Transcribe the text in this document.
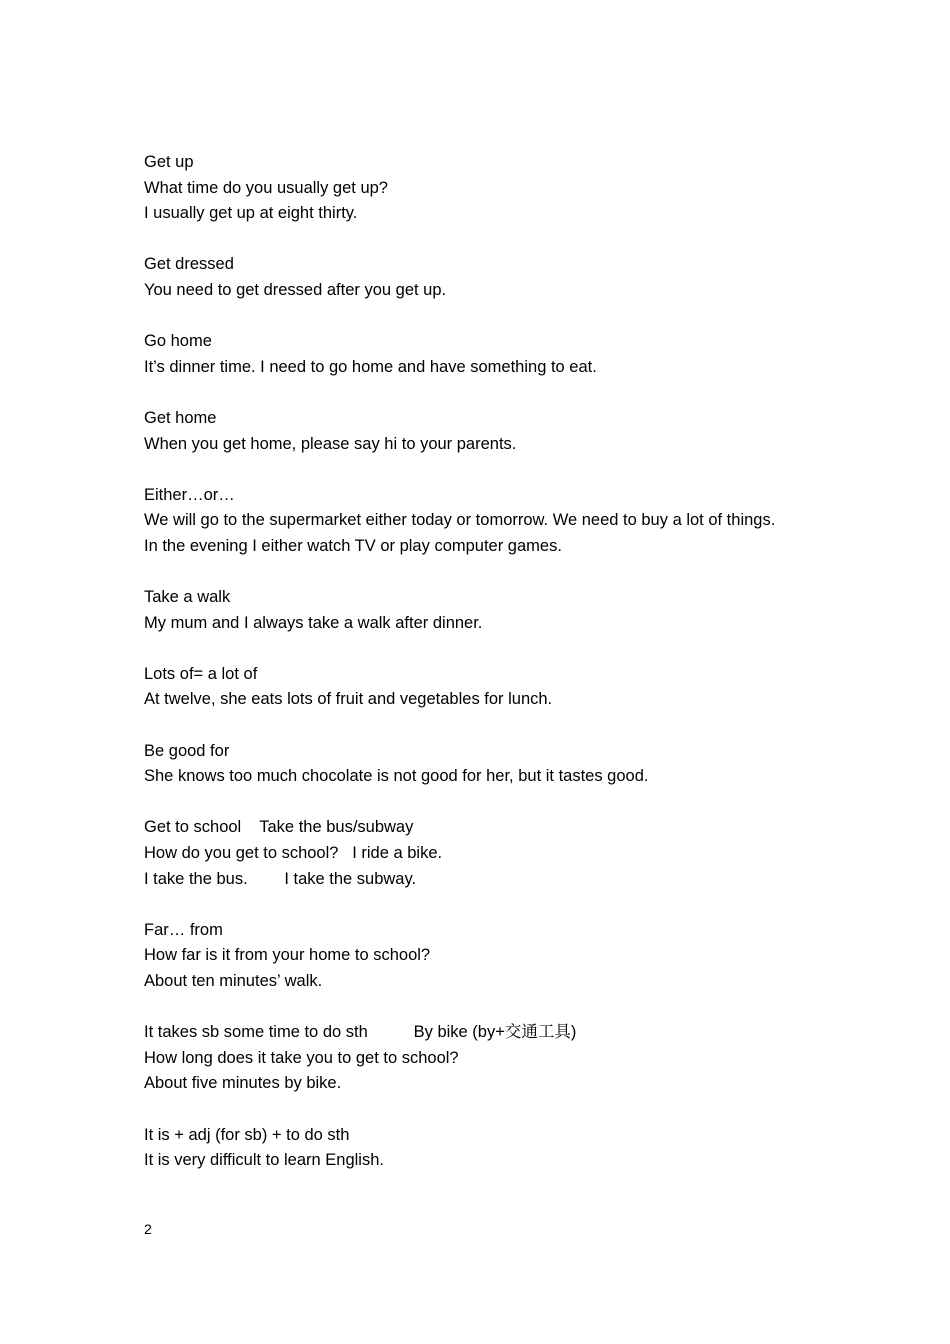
Get up
What time do you usually get up?
I usually get up at eight thirty.
Get dressed
You need to get dressed after you get up.
Go home
It’s dinner time. I need to go home and have something to eat.
Get home
When you get home, please say hi to your parents.
Either…or…
We will go to the supermarket either today or tomorrow. We need to buy a lot of things.
In the evening I either watch TV or play computer games.
Take a walk
My mum and I always take a walk after dinner.
Lots of= a lot of
At twelve, she eats lots of fruit and vegetables for lunch.
Be good for
She knows too much chocolate is not good for her, but it tastes good.
Get to school    Take the bus/subway
How do you get to school?   I ride a bike.
I take the bus.        I take the subway.
Far… from
How far is it from your home to school?
About ten minutes’ walk.
It takes sb some time to do sth          By bike (by+交通工具)
How long does it take you to get to school?
About five minutes by bike.
It is + adj (for sb) + to do sth
It is very difficult to learn English.
2
